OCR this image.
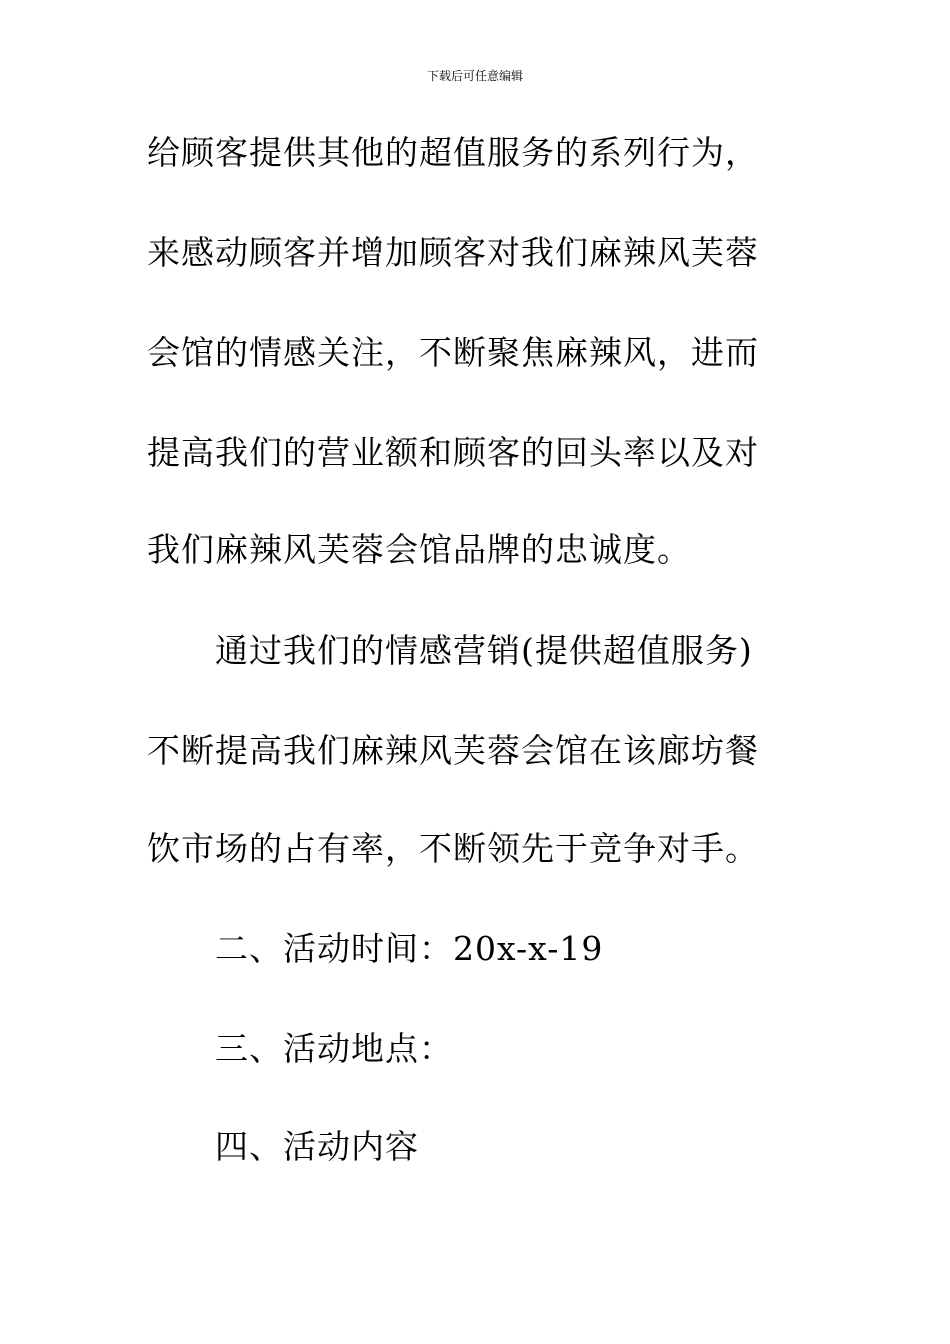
下载后可任意编辑

给顾客提供其他的超值服务的系列行为，

来感动顾客并增加顾客对我们麻辣风芙蓉

会馆的情感关注，不断聚焦麻辣风，进而

提高我们的营业额和顾客的回头率以及对

我们麻辣风芙蓉会馆品牌的忠诚度。

通过我们的情感营销(提供超值服务)

不断提高我们麻辣风芙蓉会馆在该廊坊餐

饮市场的占有率，不断领先于竞争对手。

二、活动时间：20x-x-19

三、活动地点：

四、活动内容
